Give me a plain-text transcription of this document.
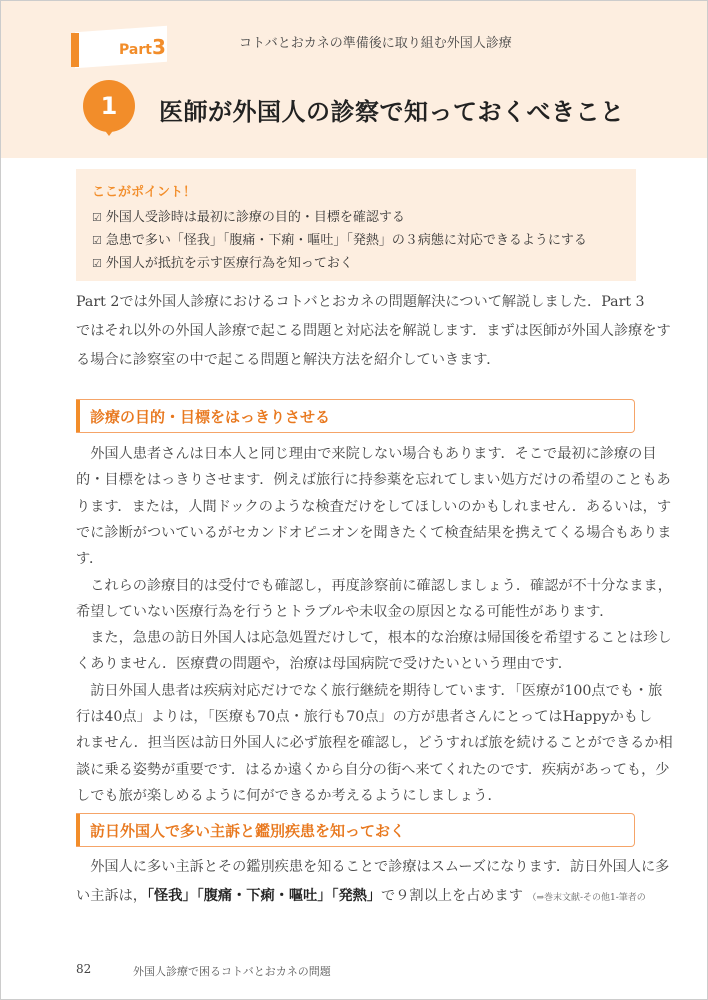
Part3	コトバとおカネの準備後に取り組む外国人診療
1	医師が外国人の診察で知っておくべきこと
ここがポイント！
☑ 外国人受診時は最初に診療の目的・目標を確認する
☑ 急患で多い「怪我」「腹痛・下痢・嘔吐」「発熱」の３病態に対応できるようにする
☑ 外国人が抵抗を示す医療行為を知っておく
Part 2では外国人診療におけるコトバとおカネの問題解決について解説しました．Part 3
ではそれ以外の外国人診療で起こる問題と対応法を解説します．まずは医師が外国人診療をす
る場合に診察室の中で起こる問題と解決方法を紹介していきます．
診療の目的・目標をはっきりさせる
　外国人患者さんは日本人と同じ理由で来院しない場合もあります．そこで最初に診療の目
的・目標をはっきりさせます．例えば旅行に持参薬を忘れてしまい処方だけの希望のこともあ
ります．または，人間ドックのような検査だけをしてほしいのかもしれません．あるいは，す
でに診断がついているがセカンドオピニオンを聞きたくて検査結果を携えてくる場合もありま
す．
　これらの診療目的は受付でも確認し，再度診察前に確認しましょう．確認が不十分なまま，
希望していない医療行為を行うとトラブルや未収金の原因となる可能性があります．
　また，急患の訪日外国人は応急処置だけして，根本的な治療は帰国後を希望することは珍し
くありません．医療費の問題や，治療は母国病院で受けたいという理由です．
　訪日外国人患者は疾病対応だけでなく旅行継続を期待しています．「医療が100点でも・旅
行は40点」よりは，「医療も70点・旅行も70点」の方が患者さんにとってはHappyかもし
れません．担当医は訪日外国人に必ず旅程を確認し，どうすれば旅を続けることができるか相
談に乗る姿勢が重要です．はるか遠くから自分の街へ来てくれたのです．疾病があっても，少
しでも旅が楽しめるように何ができるか考えるようにしましょう．
訪日外国人で多い主訴と鑑別疾患を知っておく
　外国人に多い主訴とその鑑別疾患を知ることで診療はスムーズになります．訪日外国人に多
い主訴は，「怪我」「腹痛・下痢・嘔吐」「発熱」で９割以上を占めます （⇒巻末文献-その他1-筆者の
82	外国人診療で困るコトバとおカネの問題
